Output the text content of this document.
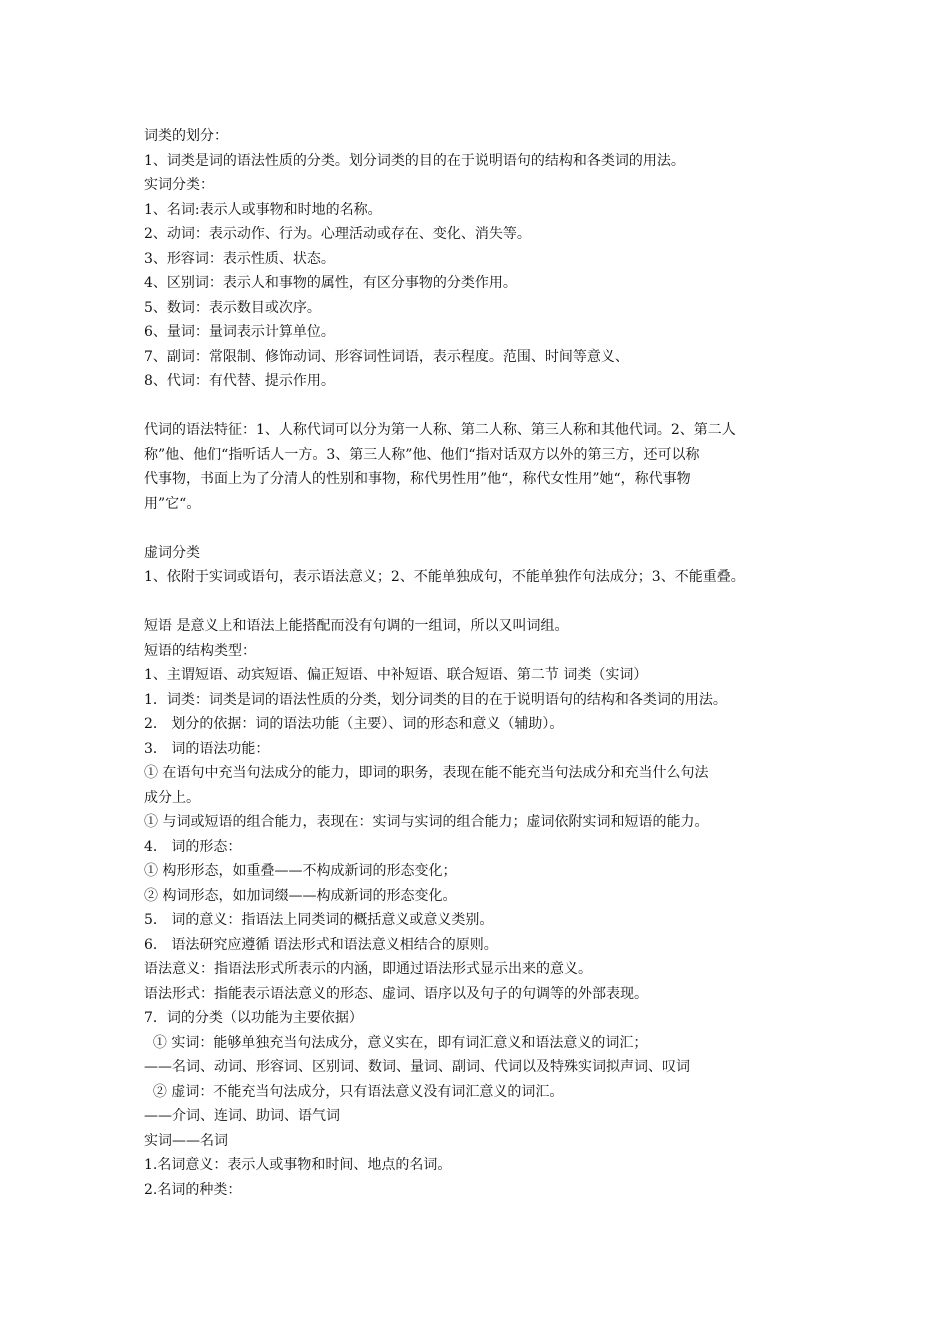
词类的划分：
1、词类是词的语法性质的分类。划分词类的目的在于说明语句的结构和各类词的用法。
实词分类：
1、名词:表示人或事物和时地的名称。
2、动词：表示动作、行为。心理活动或存在、变化、消失等。
3、形容词：表示性质、状态。
4、区别词：表示人和事物的属性，有区分事物的分类作用。
5、数词：表示数目或次序。
6、量词：量词表示计算单位。
7、副词：常限制、修饰动词、形容词性词语，表示程度。范围、时间等意义、
8、代词：有代替、提示作用。
代词的语法特征：1、人称代词可以分为第一人称、第二人称、第三人称和其他代词。2、第二人
称”他、他们“指听话人一方。3、第三人称”他、他们“指对话双方以外的第三方，还可以称
代事物，书面上为了分清人的性别和事物，称代男性用”他“，称代女性用”她“，称代事物
用”它“。
虚词分类
1、依附于实词或语句，表示语法意义；2、不能单独成句，不能单独作句法成分；3、不能重叠。
短语 是意义上和语法上能搭配而没有句调的一组词，所以又叫词组。
短语的结构类型：
1、主谓短语、动宾短语、偏正短语、中补短语、联合短语、第二节 词类（实词）
1．词类：词类是词的语法性质的分类，划分词类的目的在于说明语句的结构和各类词的用法。
2． 划分的依据：词的语法功能（主要）、词的形态和意义（辅助）。
3． 词的语法功能：
① 在语句中充当句法成分的能力，即词的职务，表现在能不能充当句法成分和充当什么句法
成分上。
① 与词或短语的组合能力，表现在：实词与实词的组合能力；虚词依附实词和短语的能力。
4． 词的形态：
① 构形形态，如重叠——不构成新词的形态变化；
② 构词形态，如加词缀——构成新词的形态变化。
5． 词的意义：指语法上同类词的概括意义或意义类别。
6． 语法研究应遵循 语法形式和语法意义相结合的原则。
语法意义：指语法形式所表示的内涵，即通过语法形式显示出来的意义。
语法形式：指能表示语法意义的形态、虚词、语序以及句子的句调等的外部表现。
7．词的分类（以功能为主要依据）
① 实词：能够单独充当句法成分，意义实在，即有词汇意义和语法意义的词汇；
——名词、动词、形容词、区别词、数词、量词、副词、代词以及特殊实词拟声词、叹词
② 虚词：不能充当句法成分，只有语法意义没有词汇意义的词汇。
——介词、连词、助词、语气词
实词——名词
1.名词意义：表示人或事物和时间、地点的名词。
2.名词的种类：
